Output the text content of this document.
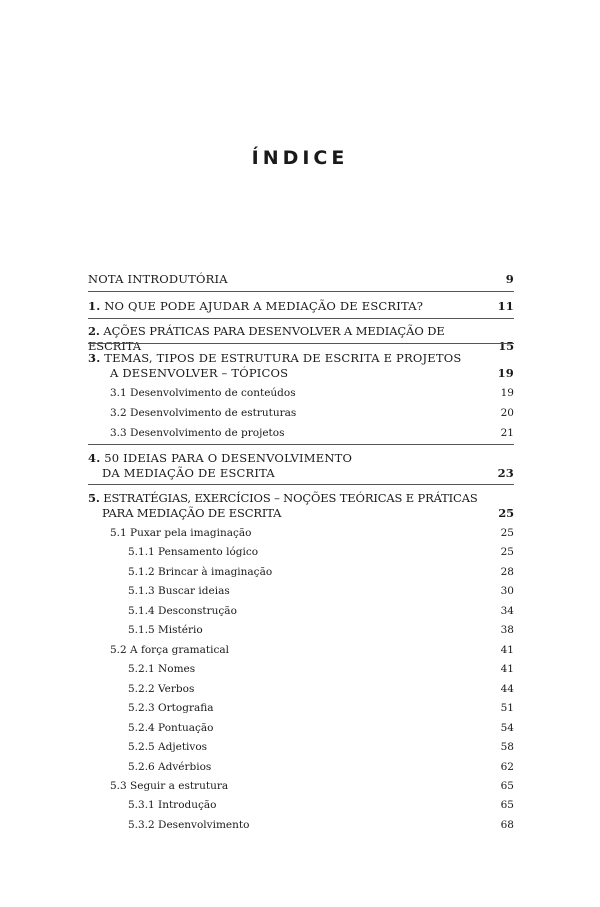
ÍNDICE
NOTA INTRODUTÓRIA	9
1. NO QUE PODE AJUDAR A MEDIAÇÃO DE ESCRITA?	11
2. AÇÕES PRÁTICAS PARA DESENVOLVER A MEDIAÇÃO DE ESCRITA	15
3. TEMAS, TIPOS DE ESTRUTURA DE ESCRITA E PROJETOS
A DESENVOLVER – TÓPICOS	19
3.1 Desenvolvimento de conteúdos	19
3.2 Desenvolvimento de estruturas	20
3.3 Desenvolvimento de projetos	21
4. 50 IDEIAS PARA O DESENVOLVIMENTO
DA MEDIAÇÃO DE ESCRITA	23
5. ESTRATÉGIAS, EXERCÍCIOS – NOÇÕES TEÓRICAS E PRÁTICAS
PARA MEDIAÇÃO DE ESCRITA	25
5.1 Puxar pela imaginação	25
5.1.1 Pensamento lógico	25
5.1.2 Brincar à imaginação	28
5.1.3 Buscar ideias	30
5.1.4 Desconstrução	34
5.1.5 Mistério	38
5.2 A força gramatical	41
5.2.1 Nomes	41
5.2.2 Verbos	44
5.2.3 Ortografia	51
5.2.4 Pontuação	54
5.2.5 Adjetivos	58
5.2.6 Advérbios	62
5.3 Seguir a estrutura	65
5.3.1 Introdução	65
5.3.2 Desenvolvimento	68
